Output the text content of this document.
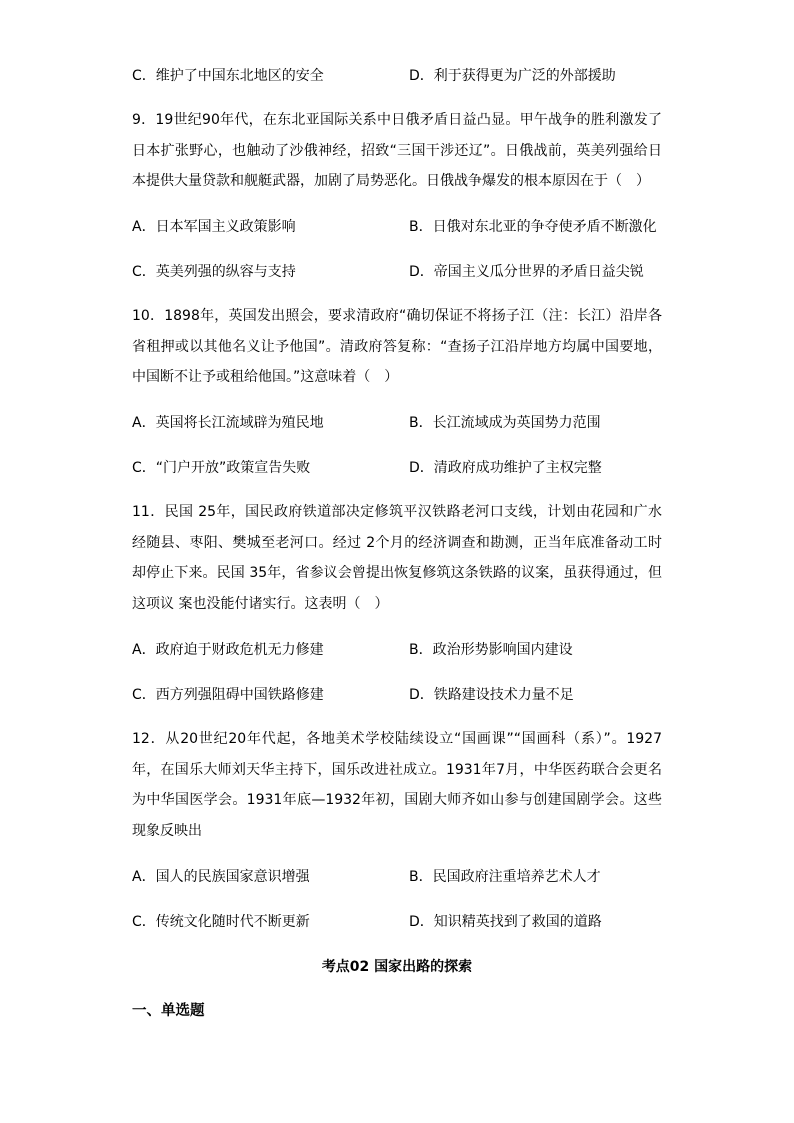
C．维护了中国东北地区的安全	D．利于获得更为广泛的外部援助

9．19世纪90年代，在东北亚国际关系中日俄矛盾日益凸显。甲午战争的胜利激发了日本扩张野心，也触动了沙俄神经，招致“三国干涉还辽”。日俄战前，英美列强给日本提供大量贷款和舰艇武器，加剧了局势恶化。日俄战争爆发的根本原因在于（　）

A．日本军国主义政策影响	B．日俄对东北亚的争夺使矛盾不断激化
C．英美列强的纵容与支持	D．帝国主义瓜分世界的矛盾日益尖锐

10．1898年，英国发出照会，要求清政府“确切保证不将扬子江（注：长江）沿岸各省租押或以其他名义让予他国”。清政府答复称：“查扬子江沿岸地方均属中国要地，中国断不让予或租给他国。”这意味着（　）

A．英国将长江流域辟为殖民地	B．长江流域成为英国势力范围
C．“门户开放”政策宣告失败	D．清政府成功维护了主权完整

11．民国 25年，国民政府铁道部决定修筑平汉铁路老河口支线，计划由花园和广水经随县、枣阳、樊城至老河口。经过 2个月的经济调查和勘测，正当年底准备动工时却停止下来。民国 35年，省参议会曾提出恢复修筑这条铁路的议案，虽获得通过，但这项议 案也没能付诸实行。这表明（　）

A．政府迫于财政危机无力修建	B．政治形势影响国内建设
C．西方列强阻碍中国铁路修建	D．铁路建设技术力量不足

12．从20世纪20年代起，各地美术学校陆续设立“国画课”“国画科（系）”。1927年，在国乐大师刘天华主持下，国乐改进社成立。1931年7月，中华医药联合会更名为中华国医学会。1931年底—1932年初，国剧大师齐如山参与创建国剧学会。这些现象反映出

A．国人的民族国家意识增强	B．民国政府注重培养艺术人才
C．传统文化随时代不断更新	D．知识精英找到了救国的道路
考点02 国家出路的探索
一、单选题
